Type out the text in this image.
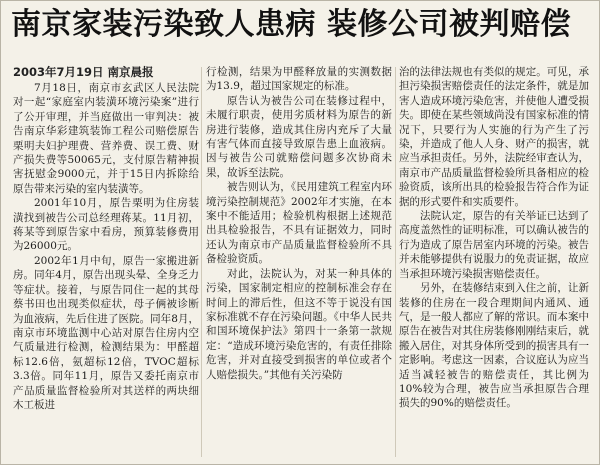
南京家装污染致人患病 装修公司被判赔偿
2003年7月19日 南京晨报

7月18日，南京市玄武区人民法院对一起“家庭室内装潢环境污染案”进行了公开审理，并当庭做出一审判决：被告南京华彩建筑装饰工程公司赔偿原告栗明夫妇护理费、营养费、误工费、财产损失费等50065元，支付原告精神损害抚慰金9000元，并于15日内拆除给原告带来污染的室内装潢等。

2001年10月，原告栗明为住房装潢找到被告公司总经理蒋某。11月初，蒋某等到原告家中看房，预算装修费用为26000元。

2002年1月中旬，原告一家搬进新房。同年4月，原告出现头晕、全身乏力等症状。接着，与原告同住一起的其母蔡书田也出现类似症状，母子俩被诊断为血液病，先后住进了医院。同年8月，南京市环境监测中心站对原告住房内空气质量进行检测，检测结果为：甲醛超标12.6倍，氨超标12倍，TVOC超标3.3倍。同年11月，原告又委托南京市产品质量监督检验所对其送样的两块细木工板进

行检测，结果为甲醛释放量的实测数据为13.9，超过国家规定的标准。

原告认为被告公司在装修过程中，未履行职责，使用劣质材料为原告的新房进行装修，造成其住房内充斥了大量有害气体而直接导致原告患上血液病。因与被告公司就赔偿问题多次协商未果，故诉至法院。

被告则认为，《民用建筑工程室内环境污染控制规范》2002年才实施，在本案中不能适用；检验机构根据上述规范出具检验报告，不具有证据效力，同时还认为南京市产品质量监督检验所不具备检验资质。

对此，法院认为，对某一种具体的污染，国家制定相应的控制标准会存在时间上的滞后性，但这不等于说没有国家标准就不存在污染问题。《中华人民共和国环境保护法》第四十一条第一款规定：“造成环境污染危害的，有责任排除危害，并对直接受到损害的单位或者个人赔偿损失。”其他有关污染防

治的法律法规也有类似的规定。可见，承担污染损害赔偿责任的法定条件，就是加害人造成环境污染危害，并使他人遭受损失。即使在某些领域尚没有国家标准的情况下，只要行为人实施的行为产生了污染，并造成了他人人身、财产的损害，就应当承担责任。另外，法院经审查认为，南京市产品质量监督检验所具备相应的检验资质，该所出具的检验报告符合作为证据的形式要件和实质要件。

法院认定，原告的有关举证已达到了高度盖然性的证明标准，可以确认被告的行为造成了原告居室内环境的污染。被告并未能够提供有说服力的免责证据，故应当承担环境污染损害赔偿责任。

另外，在装修结束到入住之前，让新装修的住房在一段合理期间内通风、通气，是一般人都应了解的常识。而本案中原告在被告对其住房装修刚刚结束后，就搬入居住，对其身体所受到的损害具有一定影响。考虑这一因素，合议庭认为应当适当减轻被告的赔偿责任，其比例为10%较为合理，被告应当承担原告合理损失的90%的赔偿责任。
